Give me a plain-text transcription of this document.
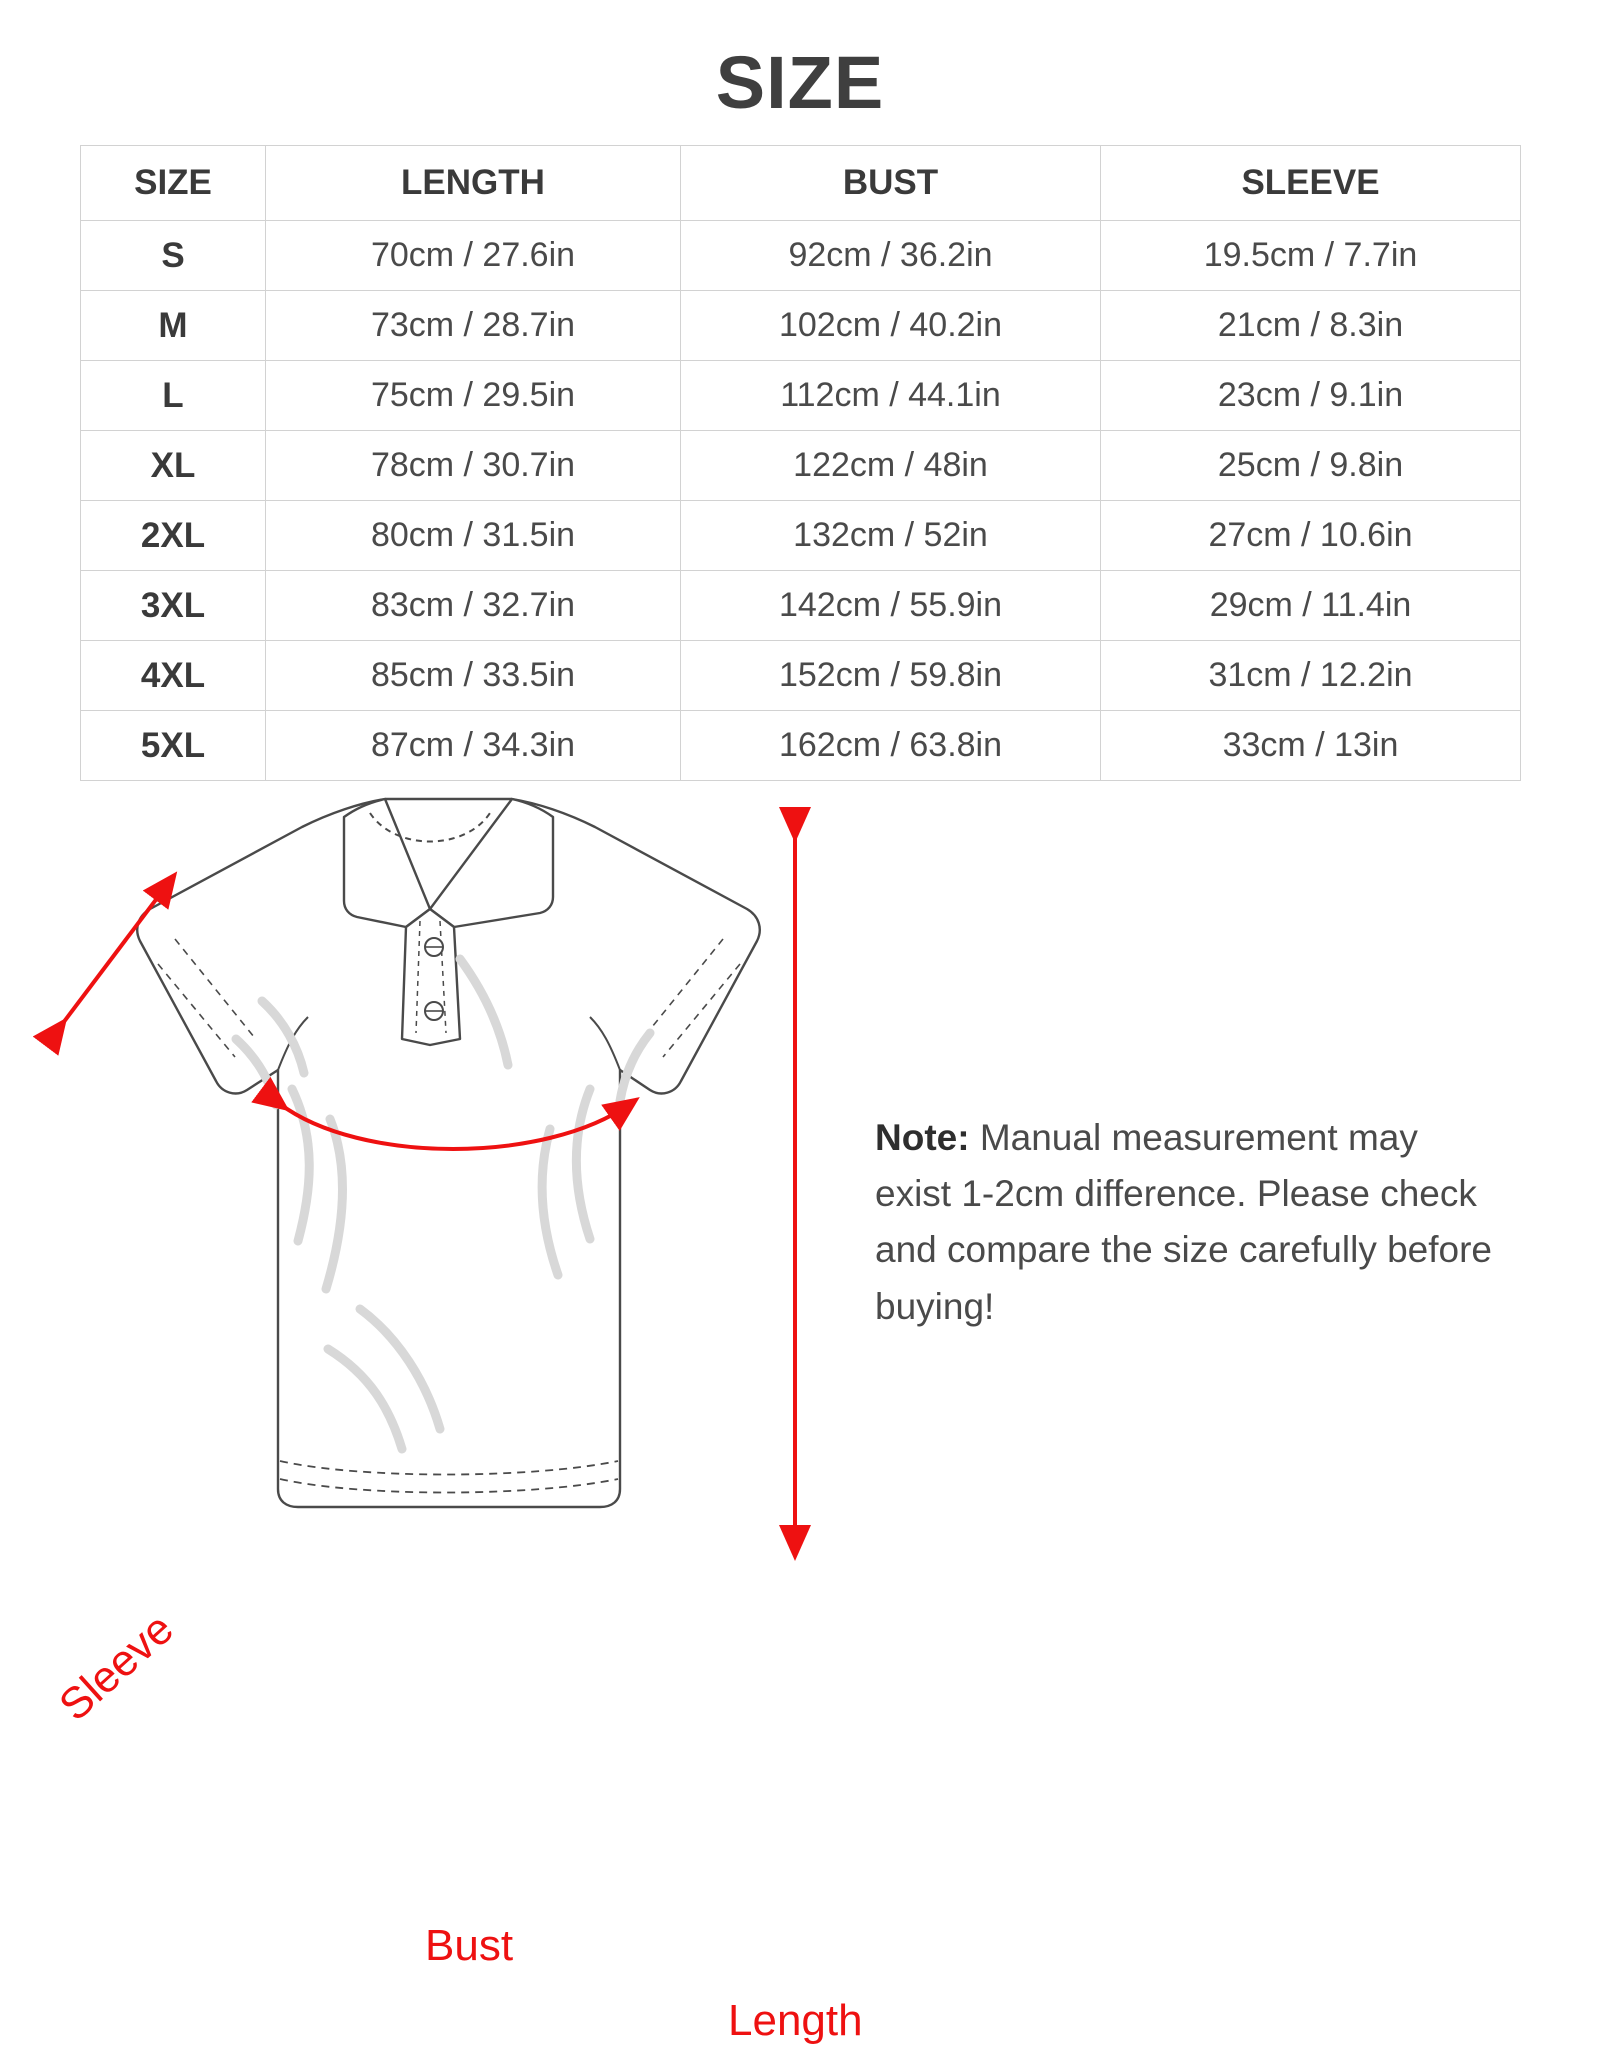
SIZE
SIZE	LENGTH	BUST	SLEEVE
S	70cm / 27.6in	92cm / 36.2in	19.5cm / 7.7in
M	73cm / 28.7in	102cm / 40.2in	21cm / 8.3in
L	75cm / 29.5in	112cm / 44.1in	23cm / 9.1in
XL	78cm / 30.7in	122cm / 48in	25cm / 9.8in
2XL	80cm / 31.5in	132cm / 52in	27cm / 10.6in
3XL	83cm / 32.7in	142cm / 55.9in	29cm / 11.4in
4XL	85cm / 33.5in	152cm / 59.8in	31cm / 12.2in
5XL	87cm / 34.3in	162cm / 63.8in	33cm / 13in
Sleeve
Bust
Length
Note: Manual measurement may exist 1-2cm difference. Please check and compare the size carefully before buying!
